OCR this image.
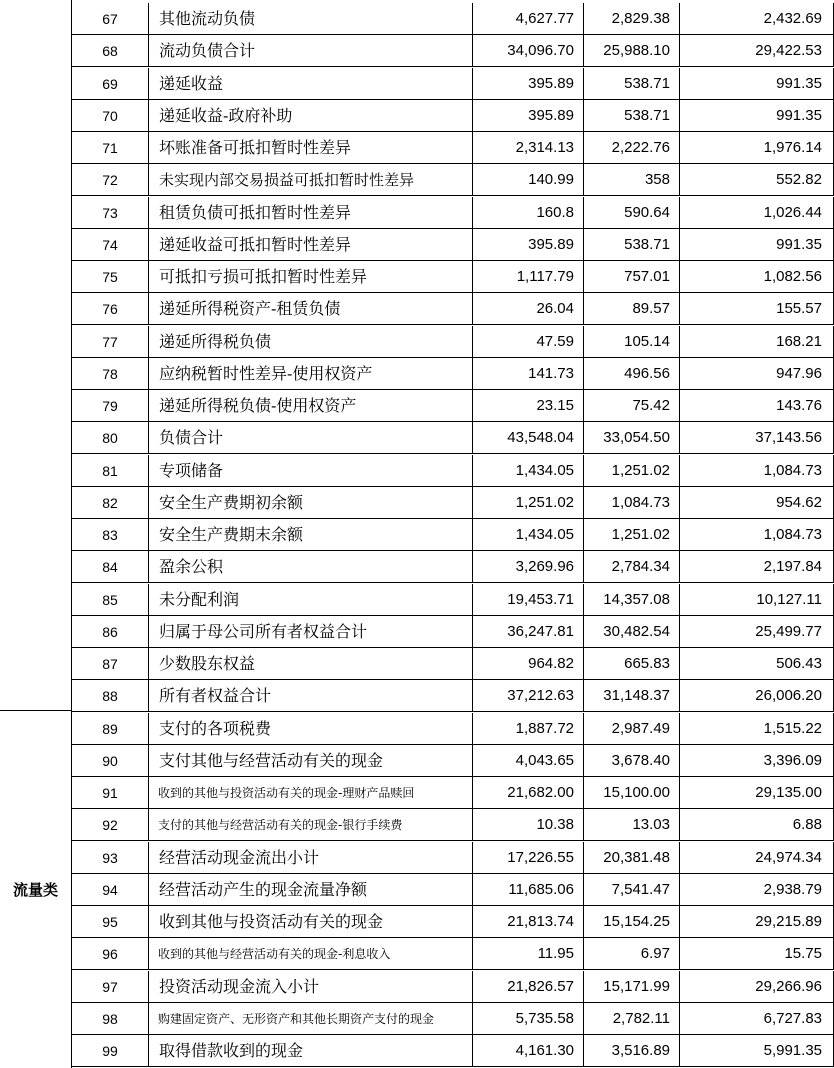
流量类
67	其他流动负债	4,627.77	2,829.38	2,432.69
68	流动负债合计	34,096.70	25,988.10	29,422.53
69	递延收益	395.89	538.71	991.35
70	递延收益-政府补助	395.89	538.71	991.35
71	坏账准备可抵扣暂时性差异	2,314.13	2,222.76	1,976.14
72	未实现内部交易损益可抵扣暂时性差异	140.99	358	552.82
73	租赁负债可抵扣暂时性差异	160.8	590.64	1,026.44
74	递延收益可抵扣暂时性差异	395.89	538.71	991.35
75	可抵扣亏损可抵扣暂时性差异	1,117.79	757.01	1,082.56
76	递延所得税资产-租赁负债	26.04	89.57	155.57
77	递延所得税负债	47.59	105.14	168.21
78	应纳税暂时性差异-使用权资产	141.73	496.56	947.96
79	递延所得税负债-使用权资产	23.15	75.42	143.76
80	负债合计	43,548.04	33,054.50	37,143.56
81	专项储备	1,434.05	1,251.02	1,084.73
82	安全生产费期初余额	1,251.02	1,084.73	954.62
83	安全生产费期末余额	1,434.05	1,251.02	1,084.73
84	盈余公积	3,269.96	2,784.34	2,197.84
85	未分配利润	19,453.71	14,357.08	10,127.11
86	归属于母公司所有者权益合计	36,247.81	30,482.54	25,499.77
87	少数股东权益	964.82	665.83	506.43
88	所有者权益合计	37,212.63	31,148.37	26,006.20
89	支付的各项税费	1,887.72	2,987.49	1,515.22
90	支付其他与经营活动有关的现金	4,043.65	3,678.40	3,396.09
91	收到的其他与投资活动有关的现金-理财产品赎回	21,682.00	15,100.00	29,135.00
92	支付的其他与经营活动有关的现金-银行手续费	10.38	13.03	6.88
93	经营活动现金流出小计	17,226.55	20,381.48	24,974.34
94	经营活动产生的现金流量净额	11,685.06	7,541.47	2,938.79
95	收到其他与投资活动有关的现金	21,813.74	15,154.25	29,215.89
96	收到的其他与经营活动有关的现金-利息收入	11.95	6.97	15.75
97	投资活动现金流入小计	21,826.57	15,171.99	29,266.96
98	购建固定资产、无形资产和其他长期资产支付的现金	5,735.58	2,782.11	6,727.83
99	取得借款收到的现金	4,161.30	3,516.89	5,991.35
